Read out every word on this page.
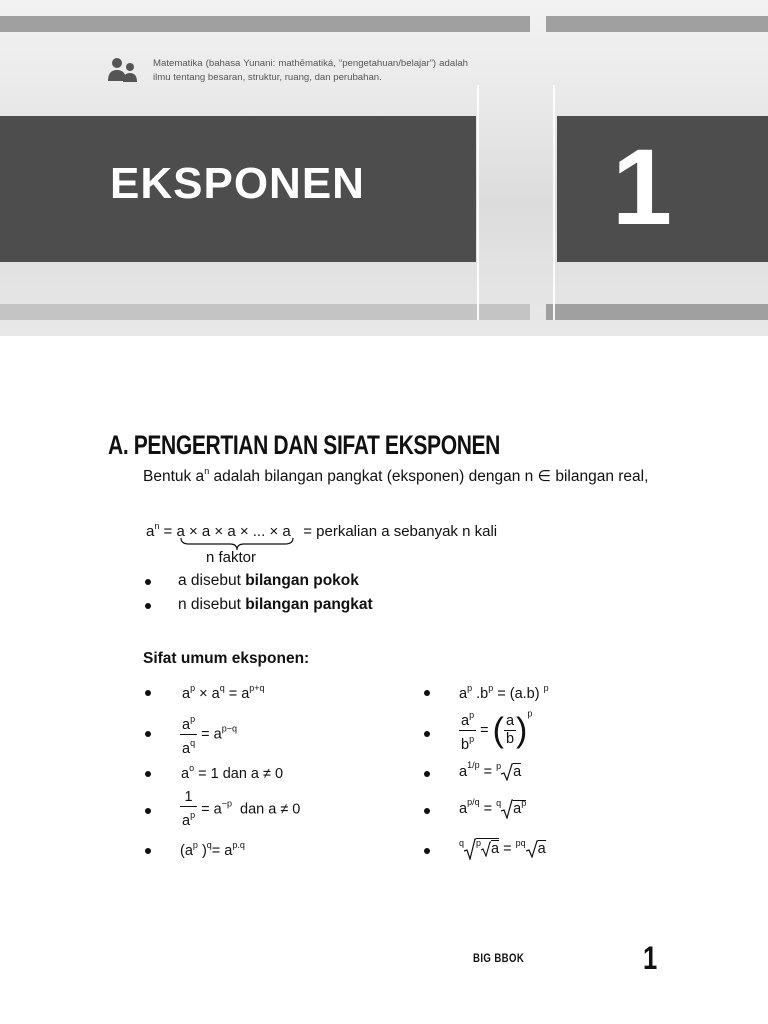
Matematika (bahasa Yunani: mathēmatiká, “pengetahuan/belajar”) adalah ilmu tentang besaran, struktur, ruang, dan perubahan.
EKSPONEN 1
A. PENGERTIAN DAN SIFAT EKSPONEN
Bentuk $a^n$ adalah bilangan pangkat (eksponen) dengan n ∈ bilangan real,
$a^n = a \times a \times a$ × ... × a = perkalian a sebanyak n kali
n faktor
a disebut bilangan pokok
n disebut bilangan pangkat
Sifat umum eksponen:
$a^p \times a^q = a^{p+q}$
$\frac{a^p}{a^q} = a^{p-q}$
$a^o = 1$ dan a ≠ 0
$\frac{1}{a^p} = a^{-p}$  dan a ≠ 0
($a^p$ )$^q= a^{p.q}$
$a^p$ $.b^p = (a.b)$ $^p$
$\frac{a^p}{b^p}$ = ( $\frac{a}{b} )^p$
$a^{1/p} = ^p$ a
$a^{p/q} = ^q$ $a^p$
$^q$ $^p$ a = $^{pq}$ a
BIG BBOK	1
